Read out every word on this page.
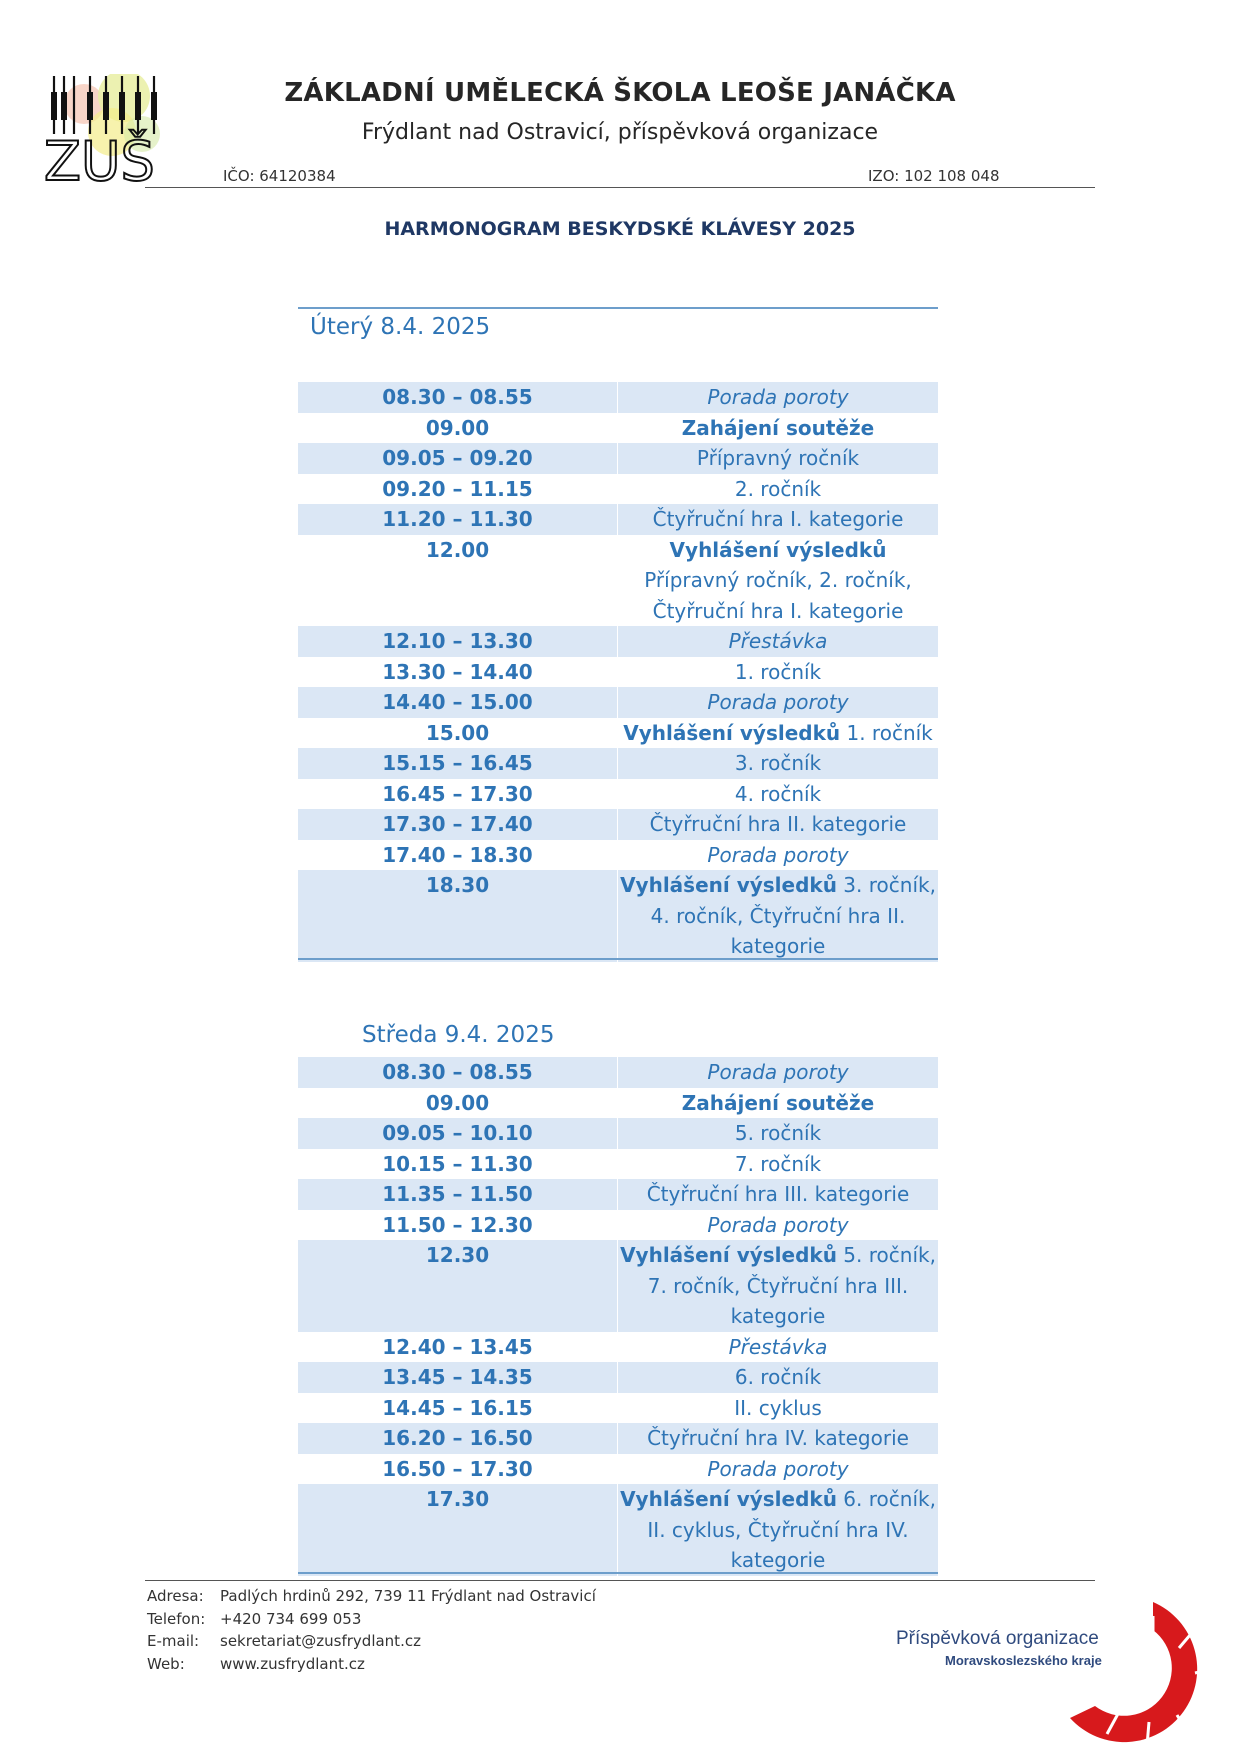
ZUŠ
ZÁKLADNÍ UMĚLECKÁ ŠKOLA LEOŠE JANÁČKA
Frýdlant nad Ostravicí, příspěvková organizace
IČO: 64120384	IZO: 102 108 048
HARMONOGRAM BESKYDSKÉ KLÁVESY 2025
Úterý 8.4. 2025
08.30 – 08.55	Porada poroty
09.00	Zahájení soutěže
09.05 – 09.20	Přípravný ročník
09.20 – 11.15	2. ročník
11.20 – 11.30	Čtyřruční hra I. kategorie
12.00	Vyhlášení výsledků
Přípravný ročník, 2. ročník,
Čtyřruční hra I. kategorie
12.10 – 13.30	Přestávka
13.30 – 14.40	1. ročník
14.40 – 15.00	Porada poroty
15.00	Vyhlášení výsledků 1. ročník
15.15 – 16.45	3. ročník
16.45 – 17.30	4. ročník
17.30 – 17.40	Čtyřruční hra II. kategorie
17.40 – 18.30	Porada poroty
18.30	Vyhlášení výsledků 3. ročník,
4. ročník, Čtyřruční hra II.
kategorie
Středa 9.4. 2025
08.30 – 08.55	Porada poroty
09.00	Zahájení soutěže
09.05 – 10.10	5. ročník
10.15 – 11.30	7. ročník
11.35 – 11.50	Čtyřruční hra III. kategorie
11.50 – 12.30	Porada poroty
12.30	Vyhlášení výsledků 5. ročník,
7. ročník, Čtyřruční hra III.
kategorie
12.40 – 13.45	Přestávka
13.45 – 14.35	6. ročník
14.45 – 16.15	II. cyklus
16.20 – 16.50	Čtyřruční hra IV. kategorie
16.50 – 17.30	Porada poroty
17.30	Vyhlášení výsledků 6. ročník,
II. cyklus, Čtyřruční hra IV.
kategorie
Adresa:	Padlých hrdinů 292, 739 11 Frýdlant nad Ostravicí
Telefon: +420 734 699 053
E-mail:	sekretariat@zusfrydlant.cz
Web:	www.zusfrydlant.cz
Příspěvková organizace
Moravskoslezského kraje
